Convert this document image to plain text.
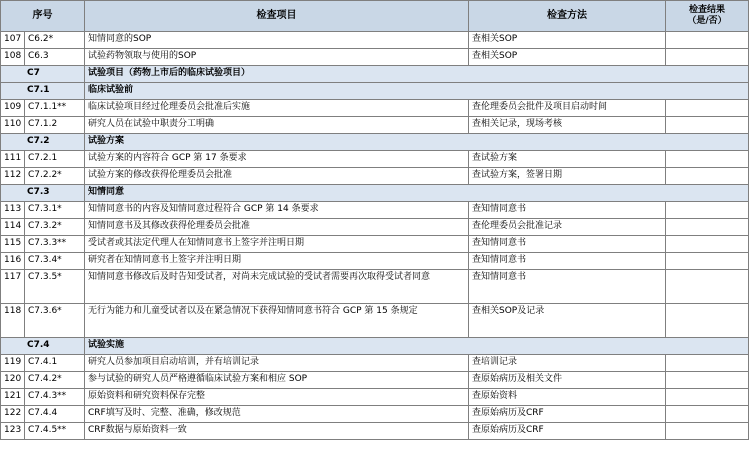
序号		检查项目	检查方法	检查结果
（是/否）
107	C6.2*	知情同意的SOP	查相关SOP	
108	C6.3	试验药物领取与使用的SOP	查相关SOP	
C7		试验项目（药物上市后的临床试验项目）		
C7.1		临床试验前		
109	C7.1.1**	临床试验项目经过伦理委员会批准后实施	查伦理委员会批件及项目启动时间	
110	C7.1.2	研究人员在试验中职责分工明确	查相关记录，现场考核	
C7.2		试验方案		
111	C7.2.1	试验方案的内容符合 GCP 第 17 条要求	查试验方案	
112	C7.2.2*	试验方案的修改获得伦理委员会批准	查试验方案，签署日期	
C7.3		知情同意		
113	C7.3.1*	知情同意书的内容及知情同意过程符合 GCP 第 14 条要求	查知情同意书	
114	C7.3.2*	知情同意书及其修改获得伦理委员会批准	查伦理委员会批准记录	
115	C7.3.3**	受试者或其法定代理人在知情同意书上签字并注明日期	查知情同意书	
116	C7.3.4*	研究者在知情同意书上签字并注明日期	查知情同意书	
117	C7.3.5*	知情同意书修改后及时告知受试者，对尚未完成试验的受试者需要再次取得受试者同意	查知情同意书	
118	C7.3.6*	无行为能力和儿童受试者以及在紧急情况下获得知情同意书符合 GCP 第 15 条规定	查相关SOP及记录	
C7.4		试验实施		
119	C7.4.1	研究人员参加项目启动培训，并有培训记录	查培训记录	
120	C7.4.2*	参与试验的研究人员严格遵循临床试验方案和相应 SOP	查原始病历及相关文件	
121	C7.4.3**	原始资料和研究资料保存完整	查原始资料	
122	C7.4.4	CRF填写及时、完整、准确，修改规范	查原始病历及CRF	
123	C7.4.5**	CRF数据与原始资料一致	查原始病历及CRF	
